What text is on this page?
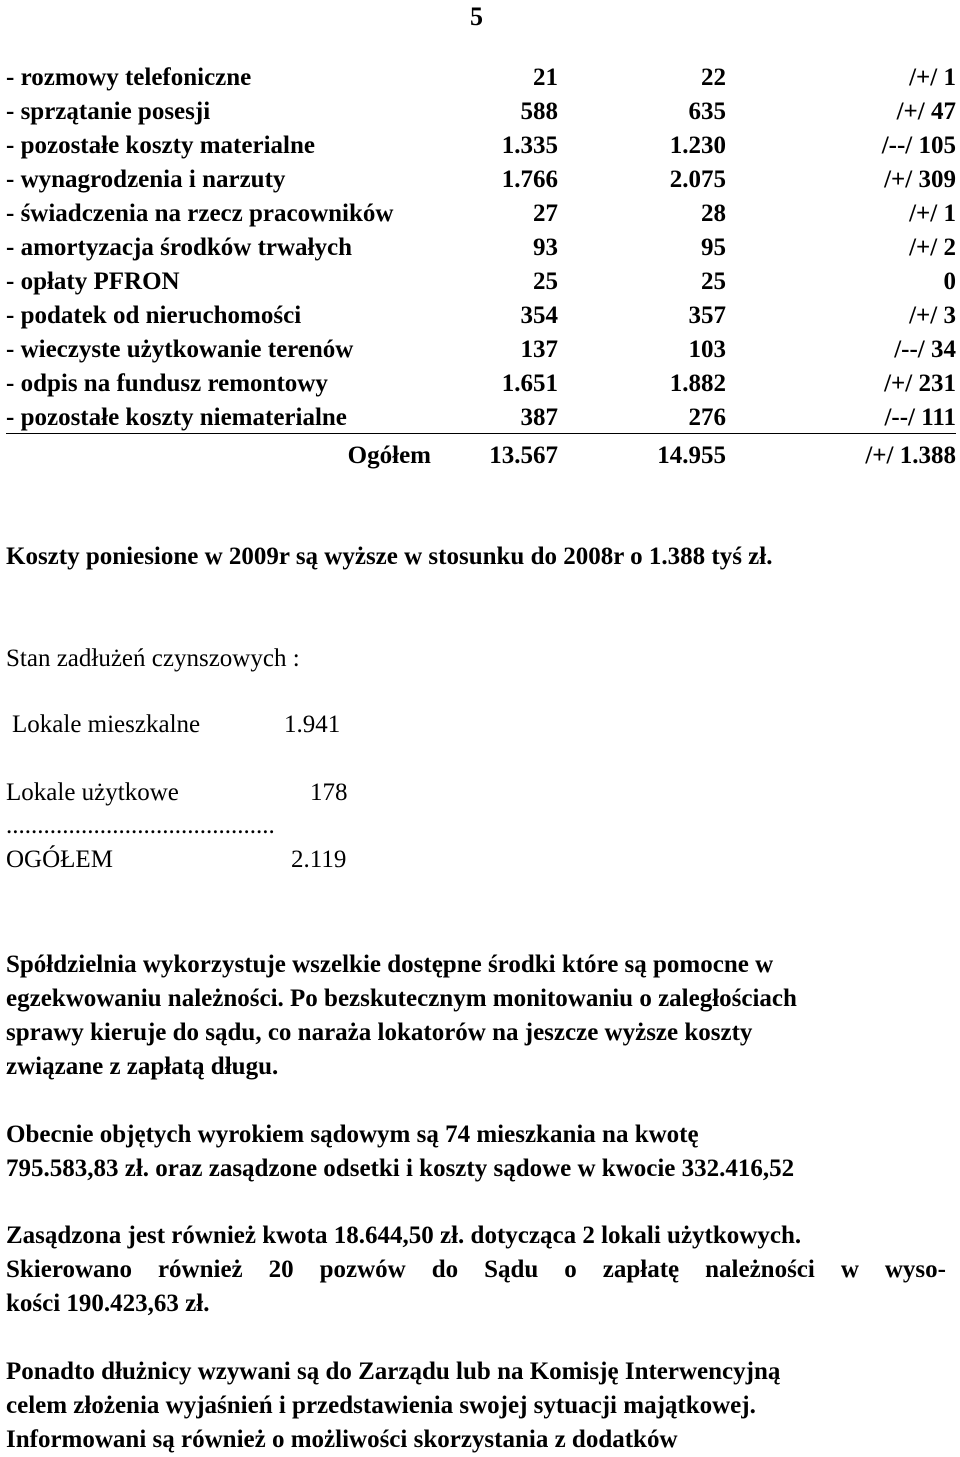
5
- rozmowy telefoniczne	21	22	/+/ 1
- sprzątanie posesji	588	635	/+/ 47
- pozostałe koszty materialne	1.335	1.230	/--/ 105
- wynagrodzenia i narzuty	1.766	2.075	/+/ 309
- świadczenia na rzecz pracowników	27	28	/+/ 1
- amortyzacja środków trwałych	93	95	/+/ 2
- opłaty PFRON	25	25	0
- podatek od nieruchomości	354	357	/+/ 3
- wieczyste użytkowanie terenów	137	103	/--/ 34
- odpis na fundusz remontowy	1.651	1.882	/+/ 231
- pozostałe koszty niematerialne	387	276	/--/ 111
Ogółem 13.567	14.955	/+/ 1.388
Koszty poniesione w 2009r są wyższe w stosunku do 2008r o 1.388 tyś zł.
Stan zadłużeń czynszowych :
Lokale mieszkalne	1.941
Lokale użytkowe	178
...........................................
OGÓŁEM	2.119
Spółdzielnia wykorzystuje wszelkie dostępne środki które są pomocne w
egzekwowaniu należności. Po bezskutecznym monitowaniu o zaległościach
sprawy kieruje do sądu, co naraża lokatorów na jeszcze wyższe koszty
związane z zapłatą długu.
Obecnie objętych wyrokiem sądowym są 74 mieszkania na kwotę
795.583,83 zł. oraz zasądzone odsetki i koszty sądowe w kwocie 332.416,52
Zasądzona jest również kwota 18.644,50 zł. dotycząca 2 lokali użytkowych.
Skierowano również 20 pozwów do Sądu o zapłatę należności w wyso-
kości 190.423,63 zł.
Ponadto dłużnicy wzywani są do Zarządu lub na Komisję Interwencyjną
celem złożenia wyjaśnień i przedstawienia swojej sytuacji majątkowej.
Informowani są również o możliwości skorzystania z dodatków
